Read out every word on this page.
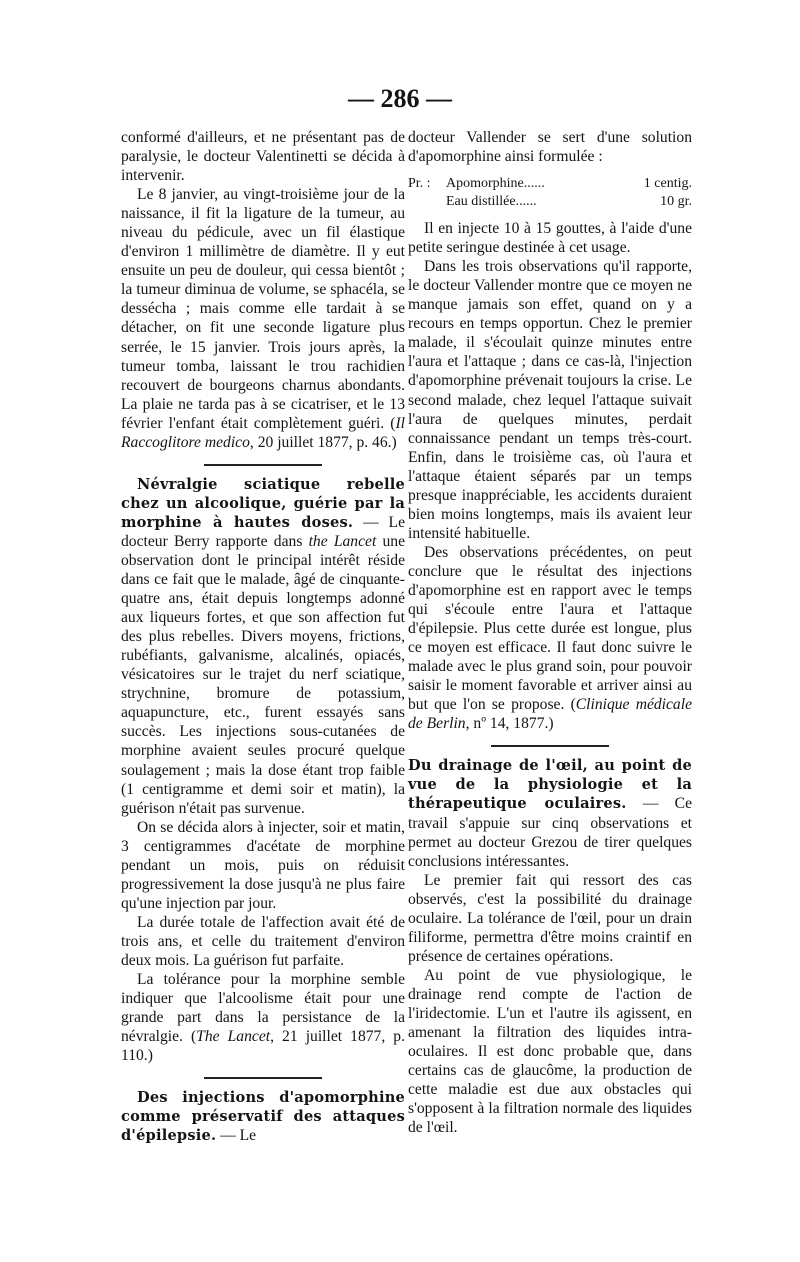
— 286 —

conformé d'ailleurs, et ne présentant pas de paralysie, le docteur Valentinetti se décida à intervenir.

Le 8 janvier, au vingt-troisième jour de la naissance, il fit la ligature de la tumeur, au niveau du pédicule, avec un fil élastique d'environ 1 millimètre de diamètre. Il y eut ensuite un peu de douleur, qui cessa bientôt ; la tumeur diminua de volume, se sphacéla, se dessécha ; mais comme elle tardait à se détacher, on fit une seconde ligature plus serrée, le 15 janvier. Trois jours après, la tumeur tomba, laissant le trou rachidien recouvert de bourgeons charnus abondants. La plaie ne tarda pas à se cicatriser, et le 13 février l'enfant était complètement guéri. (Il Raccoglitore medico, 20 juillet 1877, p. 46.)

Névralgie sciatique rebelle chez un alcoolique, guérie par la morphine à hautes doses. — Le docteur Berry rapporte dans the Lancet une observation dont le principal intérêt réside dans ce fait que le malade, âgé de cinquante-quatre ans, était depuis longtemps adonné aux liqueurs fortes, et que son affection fut des plus rebelles. Divers moyens, frictions, rubéfiants, galvanisme, alcalinés, opiacés, vésicatoires sur le trajet du nerf sciatique, strychnine, bromure de potassium, aquapuncture, etc., furent essayés sans succès. Les injections sous-cutanées de morphine avaient seules procuré quelque soulagement ; mais la dose étant trop faible (1 centigramme et demi soir et matin), la guérison n'était pas survenue.

On se décida alors à injecter, soir et matin, 3 centigrammes d'acétate de morphine pendant un mois, puis on réduisit progressivement la dose jusqu'à ne plus faire qu'une injection par jour.

La durée totale de l'affection avait été de trois ans, et celle du traitement d'environ deux mois. La guérison fut parfaite.

La tolérance pour la morphine semble indiquer que l'alcoolisme était pour une grande part dans la persistance de la névralgie. (The Lancet, 21 juillet 1877, p. 110.)

Des injections d'apomorphine comme préservatif des attaques d'épilepsie. — Le

docteur Vallender se sert d'une solution d'apomorphine ainsi formulée :

Pr. :	Apomorphine......	1 centig.
Eau distillée......	10 gr.

Il en injecte 10 à 15 gouttes, à l'aide d'une petite seringue destinée à cet usage.

Dans les trois observations qu'il rapporte, le docteur Vallender montre que ce moyen ne manque jamais son effet, quand on y a recours en temps opportun. Chez le premier malade, il s'écoulait quinze minutes entre l'aura et l'attaque ; dans ce cas-là, l'injection d'apomorphine prévenait toujours la crise. Le second malade, chez lequel l'attaque suivait l'aura de quelques minutes, perdait connaissance pendant un temps très-court. Enfin, dans le troisième cas, où l'aura et l'attaque étaient séparés par un temps presque inappréciable, les accidents duraient bien moins longtemps, mais ils avaient leur intensité habituelle.

Des observations précédentes, on peut conclure que le résultat des injections d'apomorphine est en rapport avec le temps qui s'écoule entre l'aura et l'attaque d'épilepsie. Plus cette durée est longue, plus ce moyen est efficace. Il faut donc suivre le malade avec le plus grand soin, pour pouvoir saisir le moment favorable et arriver ainsi au but que l'on se propose. (Clinique médicale de Berlin, nº 14, 1877.)

Du drainage de l'œil, au point de vue de la physiologie et la thérapeutique oculaires. — Ce travail s'appuie sur cinq observations et permet au docteur Grezou de tirer quelques conclusions intéressantes.

Le premier fait qui ressort des cas observés, c'est la possibilité du drainage oculaire. La tolérance de l'œil, pour un drain filiforme, permettra d'être moins craintif en présence de certaines opérations.

Au point de vue physiologique, le drainage rend compte de l'action de l'iridectomie. L'un et l'autre ils agissent, en amenant la filtration des liquides intra-oculaires. Il est donc probable que, dans certains cas de glaucôme, la production de cette maladie est due aux obstacles qui s'opposent à la filtration normale des liquides de l'œil.
